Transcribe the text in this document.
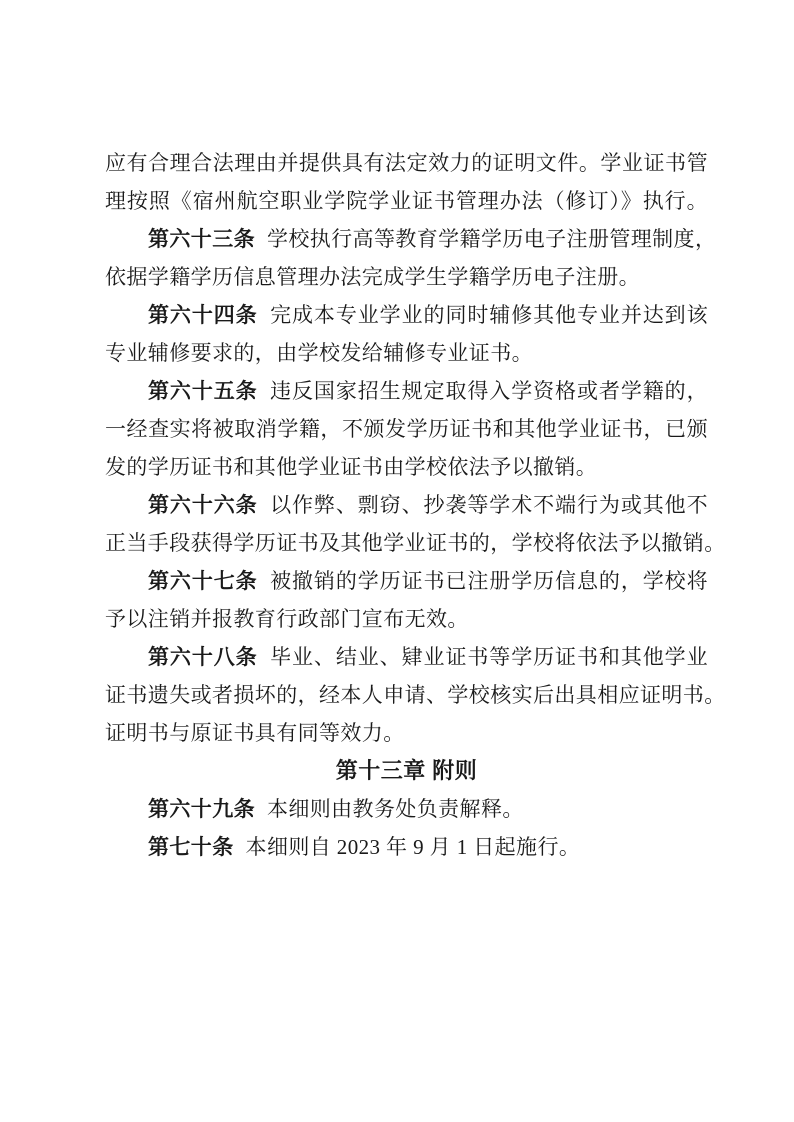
应有合理合法理由并提供具有法定效力的证明文件。学业证书管
理按照《宿州航空职业学院学业证书管理办法（修订）》执行。
第六十三条 学校执行高等教育学籍学历电子注册管理制度，
依据学籍学历信息管理办法完成学生学籍学历电子注册。
第六十四条 完成本专业学业的同时辅修其他专业并达到该
专业辅修要求的，由学校发给辅修专业证书。
第六十五条 违反国家招生规定取得入学资格或者学籍的，
一经查实将被取消学籍，不颁发学历证书和其他学业证书，已颁
发的学历证书和其他学业证书由学校依法予以撤销。
第六十六条 以作弊、剽窃、抄袭等学术不端行为或其他不
正当手段获得学历证书及其他学业证书的，学校将依法予以撤销。
第六十七条 被撤销的学历证书已注册学历信息的，学校将
予以注销并报教育行政部门宣布无效。
第六十八条 毕业、结业、肄业证书等学历证书和其他学业
证书遗失或者损坏的，经本人申请、学校核实后出具相应证明书。
证明书与原证书具有同等效力。
第十三章 附则
第六十九条 本细则由教务处负责解释。
第七十条 本细则自 2023 年 9 月 1 日起施行。
